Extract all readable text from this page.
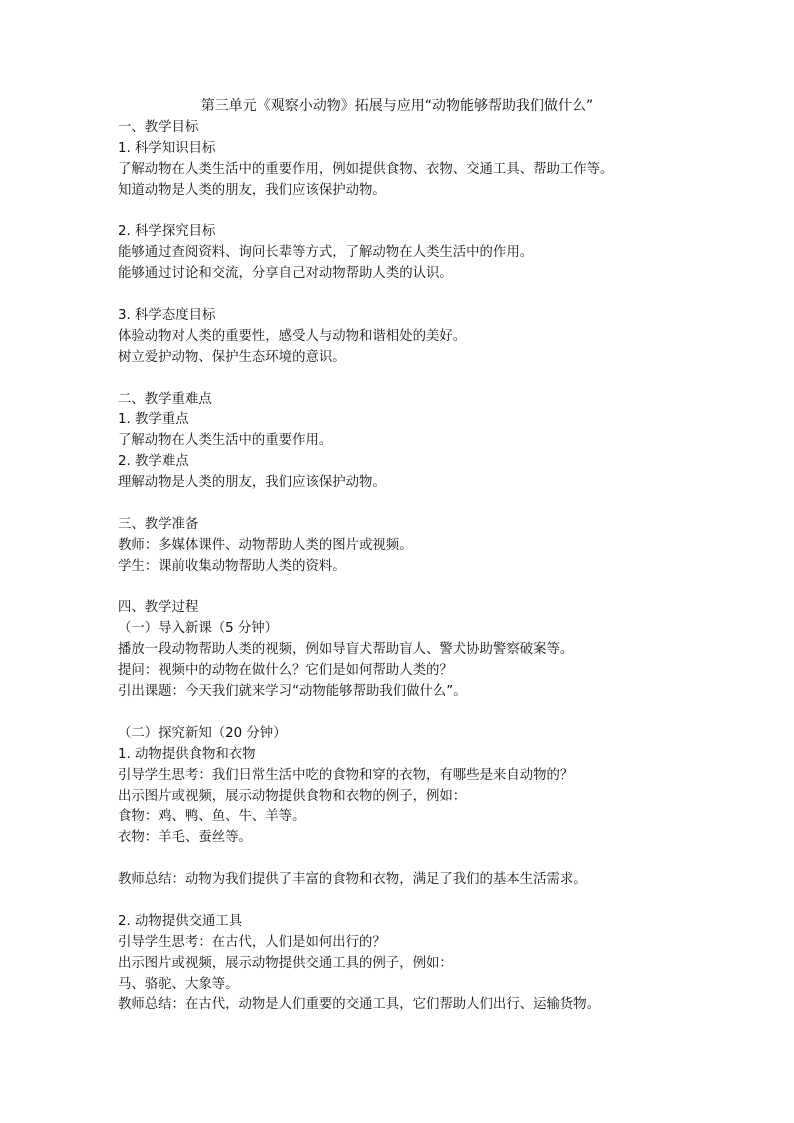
第三单元《观察小动物》拓展与应用“动物能够帮助我们做什么”
一、教学目标
1. 科学知识目标
了解动物在人类生活中的重要作用，例如提供食物、衣物、交通工具、帮助工作等。
知道动物是人类的朋友，我们应该保护动物。
2. 科学探究目标
能够通过查阅资料、询问长辈等方式，了解动物在人类生活中的作用。
能够通过讨论和交流，分享自己对动物帮助人类的认识。
3. 科学态度目标
体验动物对人类的重要性，感受人与动物和谐相处的美好。
树立爱护动物、保护生态环境的意识。
二、教学重难点
1. 教学重点
了解动物在人类生活中的重要作用。
2. 教学难点
理解动物是人类的朋友，我们应该保护动物。
三、教学准备
教师：多媒体课件、动物帮助人类的图片或视频。
学生：课前收集动物帮助人类的资料。
四、教学过程
（一）导入新课（5 分钟）
播放一段动物帮助人类的视频，例如导盲犬帮助盲人、警犬协助警察破案等。
提问：视频中的动物在做什么？它们是如何帮助人类的？
引出课题：今天我们就来学习“动物能够帮助我们做什么”。
（二）探究新知（20 分钟）
1. 动物提供食物和衣物
引导学生思考：我们日常生活中吃的食物和穿的衣物，有哪些是来自动物的？
出示图片或视频，展示动物提供食物和衣物的例子，例如：
食物：鸡、鸭、鱼、牛、羊等。
衣物：羊毛、蚕丝等。
教师总结：动物为我们提供了丰富的食物和衣物，满足了我们的基本生活需求。
2. 动物提供交通工具
引导学生思考：在古代，人们是如何出行的？
出示图片或视频，展示动物提供交通工具的例子，例如：
马、骆驼、大象等。
教师总结：在古代，动物是人们重要的交通工具，它们帮助人们出行、运输货物。
